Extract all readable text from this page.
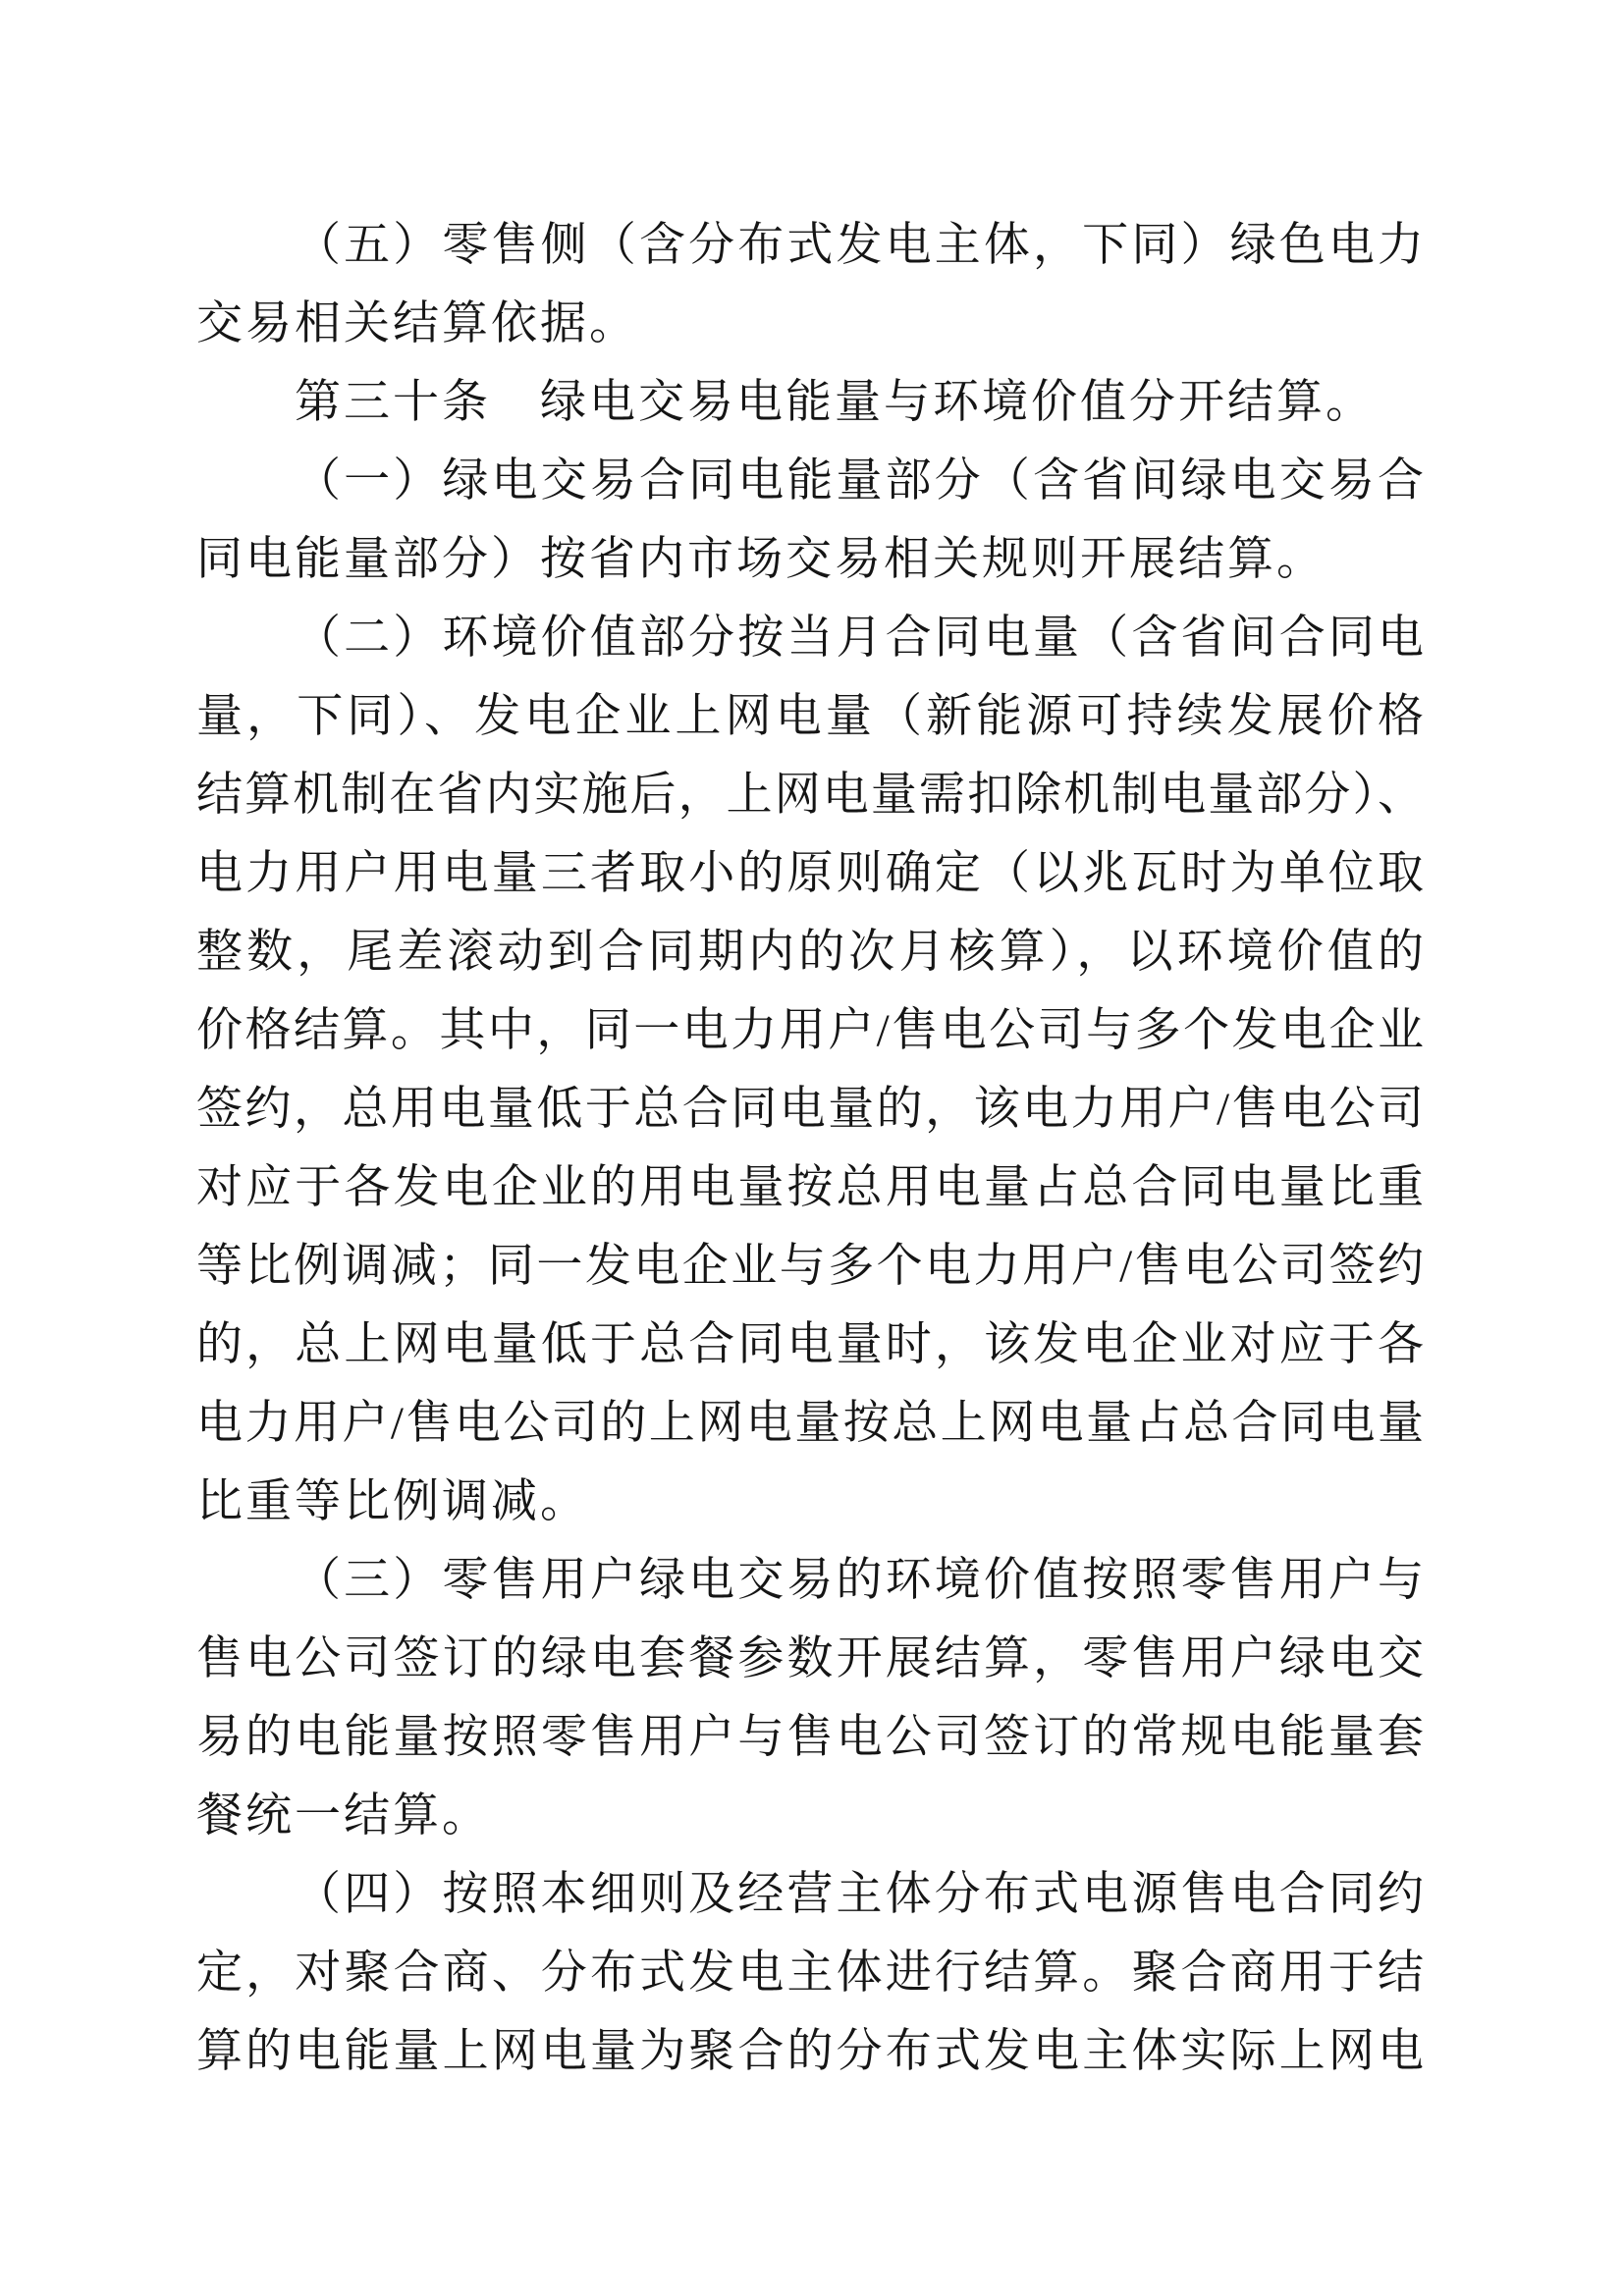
（五）零售侧（含分布式发电主体，下同）绿色电力
交易相关结算依据。
第三十条　绿电交易电能量与环境价值分开结算。
（一）绿电交易合同电能量部分（含省间绿电交易合
同电能量部分）按省内市场交易相关规则开展结算。
（二）环境价值部分按当月合同电量（含省间合同电
量，下同）、发电企业上网电量（新能源可持续发展价格
结算机制在省内实施后，上网电量需扣除机制电量部分）、
电力用户用电量三者取小的原则确定（以兆瓦时为单位取
整数，尾差滚动到合同期内的次月核算），以环境价值的
价格结算。其中，同一电力用户/售电公司与多个发电企业
签约，总用电量低于总合同电量的，该电力用户/售电公司
对应于各发电企业的用电量按总用电量占总合同电量比重
等比例调减；同一发电企业与多个电力用户/售电公司签约
的，总上网电量低于总合同电量时，该发电企业对应于各
电力用户/售电公司的上网电量按总上网电量占总合同电量
比重等比例调减。
（三）零售用户绿电交易的环境价值按照零售用户与
售电公司签订的绿电套餐参数开展结算，零售用户绿电交
易的电能量按照零售用户与售电公司签订的常规电能量套
餐统一结算。
（四）按照本细则及经营主体分布式电源售电合同约
定，对聚合商、分布式发电主体进行结算。聚合商用于结
算的电能量上网电量为聚合的分布式发电主体实际上网电
